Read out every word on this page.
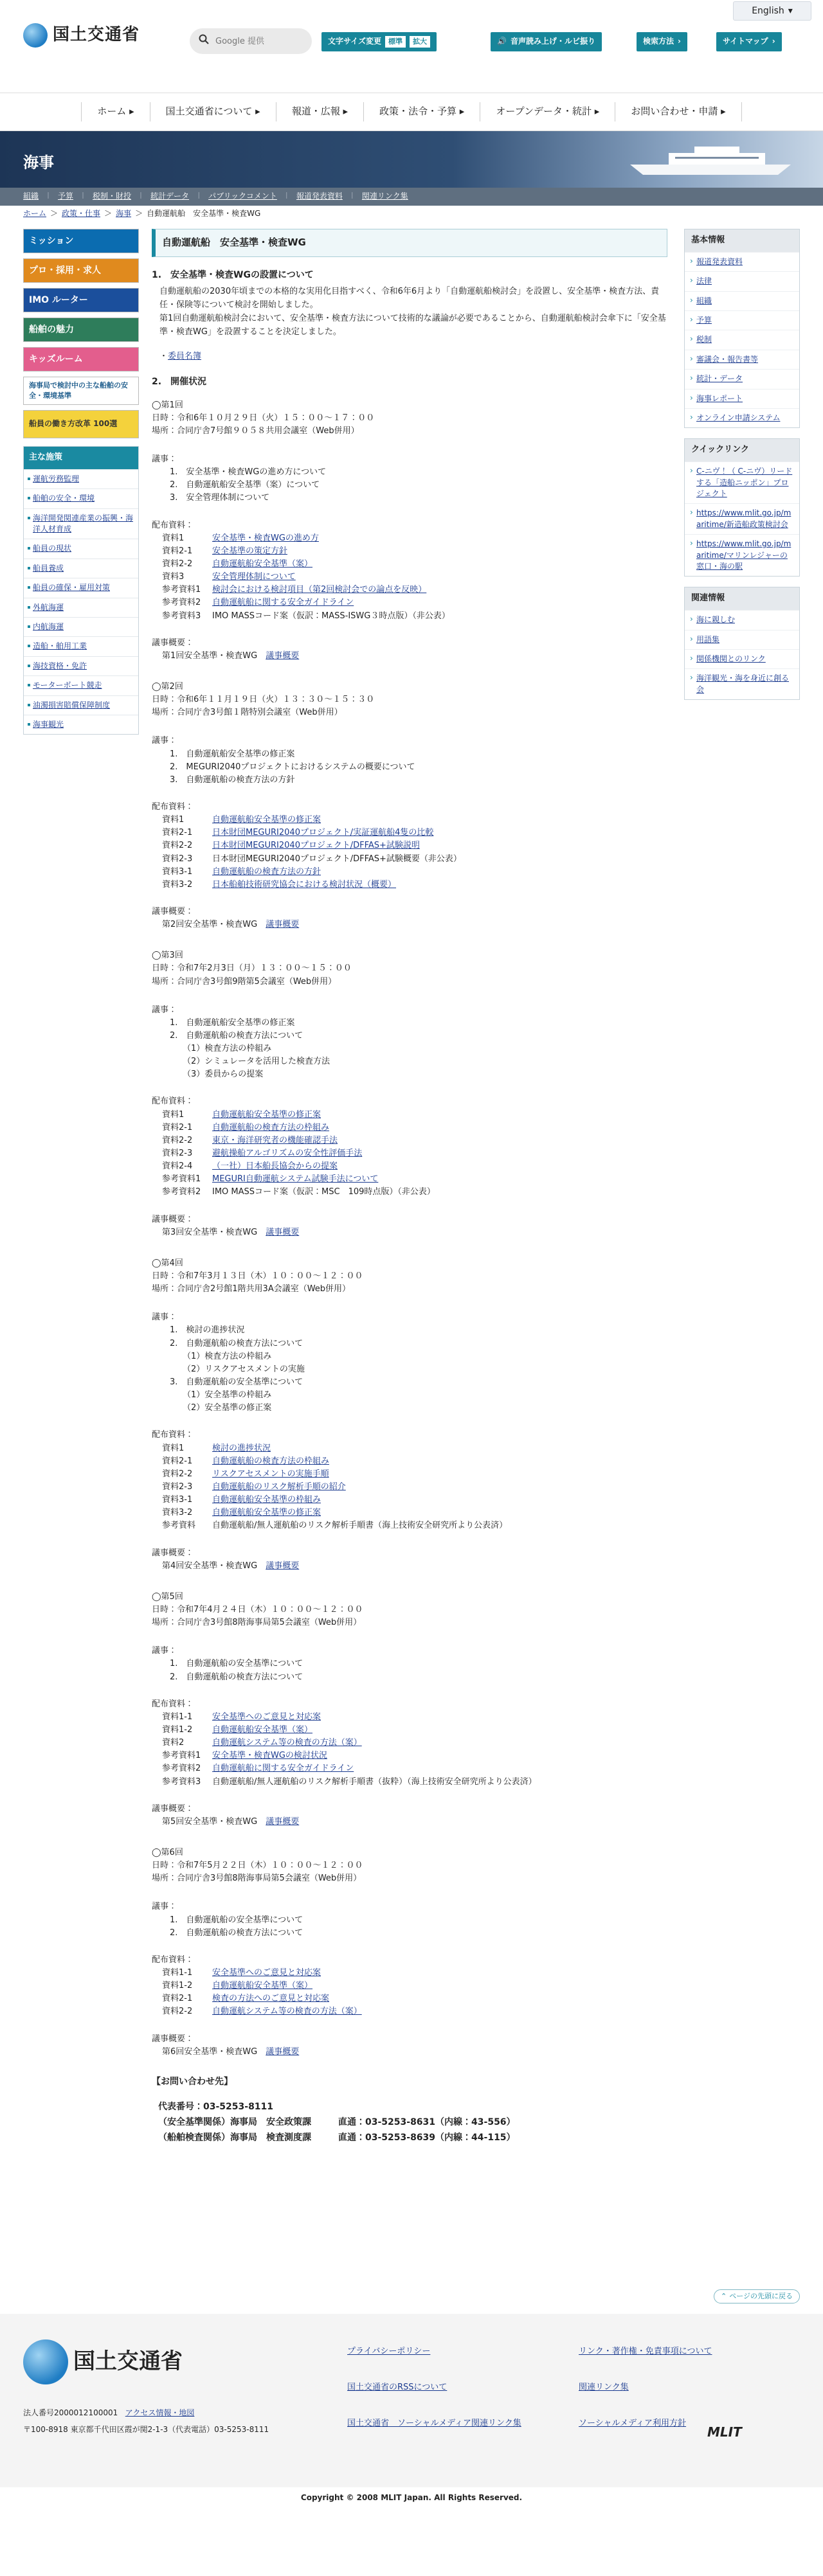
English ▾
国土交通省
Google 提供	文字サイズ変更	標準	拡大	🔊 音声読み上げ・ルビ振り	検索方法 ›	サイトマップ ›
ホーム ▸	国土交通省について ▸	報道・広報 ▸	政策・法令・予算 ▸	オープンデータ・統計 ▸	お問い合わせ・申請 ▸
海事
組織 ｜ 予算 ｜ 税制・財投 ｜ 統計データ ｜ パブリックコメント ｜ 報道発表資料 ｜ 関連リンク集
ホーム ＞ 政策・仕事 ＞ 海事 ＞ 自動運航船　安全基準・検査WG
ミッション
プロ・採用・求人
IMO ルーター
船舶の魅力
キッズルーム
海事局で検討中の主な船舶の安全・環境基準
船員の働き方改革 100選
主な施策
運航労務監理
船舶の安全・環境
海洋開発関連産業の振興・海洋人材育成
船員の現状
船員養成
船員の確保・雇用対策
外航海運
内航海運
造船・舶用工業
海技資格・免許
モーターボート競走
油濁損害賠償保障制度
海事観光
自動運航船　安全基準・検査WG
1.　安全基準・検査WGの設置について

自動運航船の2030年頃までの本格的な実用化目指すべく、令和6年6月より「自動運航船検討会」を設置し、安全基準・検査方法、責任・保険等について検討を開始しました。

第1回自動運航船検討会において、安全基準・検査方法について技術的な議論が必要であることから、自動運航船検討会傘下に「安全基準・検査WG」を設置することを決定しました。

・委員名簿

2.　開催状況
◯第1回
日時：令和6年１０月２９日（火）１５：００～１７：００
場所：合同庁舎7号館９０５８共用会議室（Web併用）
議事：
1.　安全基準・検査WGの進め方について
2.　自動運航船安全基準（案）について
3.　安全管理体制について
配布資料：
資料1	安全基準・検査WGの進め方
資料2-1	安全基準の策定方針
資料2-2	自動運航船安全基準（案）
資料3	安全管理体制について
参考資料1	検討会における検討項目（第2回検討会での論点を反映）
参考資料2	自動運航船に関する安全ガイドライン
参考資料3	IMO MASSコード案（仮訳：MASS-ISWG３時点版）（非公表）
議事概要：
第1回安全基準・検査WG　議事概要
◯第2回
日時：令和6年１１月１９日（火）１３：３０～１５：３０
場所：合同庁舎3号館１階特別会議室（Web併用）
議事：
1.　自動運航船安全基準の修正案
2.　MEGURI2040プロジェクトにおけるシステムの概要について
3.　自動運航船の検査方法の方針
配布資料：
資料1	自動運航船安全基準の修正案
資料2-1	日本財団MEGURI2040プロジェクト/実証運航船4隻の比較
資料2-2	日本財団MEGURI2040プロジェクト/DFFAS+試験説明
資料2-3	日本財団MEGURI2040プロジェクト/DFFAS+試験概要（非公表）
資料3-1	自動運航船の検査方法の方針
資料3-2	日本船舶技術研究協会における検討状況（概要）
議事概要：
第2回安全基準・検査WG　議事概要
◯第3回
日時：令和7年2月3日（月）１３：００～１５：００
場所：合同庁舎3号館9階第5会議室（Web併用）
議事：
1.　自動運航船安全基準の修正案
2.　自動運航船の検査方法について
（1）検査方法の枠組み
（2）シミュレータを活用した検査方法
（3）委員からの提案
配布資料：
資料1	自動運航船安全基準の修正案
資料2-1	自動運航船の検査方法の枠組み
資料2-2	東京・海洋研究者の機能確認手法
資料2-3	避航操船アルゴリズムの安全性評価手法
資料2-4	（一社）日本船長協会からの提案
参考資料1	MEGURI自動運航システム試験手法について
参考資料2	IMO MASSコード案（仮訳：MSC　109時点版）（非公表）
議事概要：
第3回安全基準・検査WG　議事概要
◯第4回
日時：令和7年3月１３日（木）１０：００～１２：００
場所：合同庁舎2号館1階共用3A会議室（Web併用）
議事：
1.　検討の進捗状況
2.　自動運航船の検査方法について
（1）検査方法の枠組み
（2）リスクアセスメントの実施
3.　自動運航船の安全基準について
（1）安全基準の枠組み
（2）安全基準の修正案
配布資料：
資料1	検討の進捗状況
資料2-1	自動運航船の検査方法の枠組み
資料2-2	リスクアセスメントの実施手順
資料2-3	自動運航船のリスク解析手順の紹介
資料3-1	自動運航船安全基準の枠組み
資料3-2	自動運航船安全基準の修正案
参考資料	自動運航船/無人運航船のリスク解析手順書（海上技術安全研究所より公表済）
議事概要：
第4回安全基準・検査WG　議事概要
◯第5回
日時：令和7年4月２４日（木）１０：００～１２：００
場所：合同庁舎3号館8階海事局第5会議室（Web併用）
議事：
1.　自動運航船の安全基準について
2.　自動運航船の検査方法について
配布資料：
資料1-1	安全基準へのご意見と対応案
資料1-2	自動運航船安全基準（案）
資料2	自動運航システム等の検査の方法（案）
参考資料1	安全基準・検査WGの検討状況
参考資料2	自動運航船に関する安全ガイドライン
参考資料3	自動運航船/無人運航船のリスク解析手順書（抜粋）（海上技術安全研究所より公表済）
議事概要：
第5回安全基準・検査WG　議事概要
◯第6回
日時：令和7年5月２２日（木）１０：００～１２：００
場所：合同庁舎3号館8階海事局第5会議室（Web併用）
議事：
1.　自動運航船の安全基準について
2.　自動運航船の検査方法について
配布資料：
資料1-1	安全基準へのご意見と対応案
資料1-2	自動運航船安全基準（案）
資料2-1	検査の方法へのご意見と対応案
資料2-2	自動運航システム等の検査の方法（案）
議事概要：
第6回安全基準・検査WG　議事概要
【お問い合わせ先】
代表番号：03-5253-8111
（安全基準関係）海事局　安全政策課　　　直通：03-5253-8631（内線：43-556）
（船舶検査関係）海事局　検査測度課　　　直通：03-5253-8639（内線：44-115）
基本情報
› 報道発表資料
› 法律
› 組織
› 予算
› 税制
› 審議会・報告書等
› 統計・データ
› 海事レポート
› オンライン申請システム
クイックリンク
› C-ニヴ！（ C-ニヴ）リードする「造船ニッポン」プロジェクト
› https://www.mlit.go.jp/maritime/新造船政策検討会
› https://www.mlit.go.jp/maritime/マリンレジャーの窓口・海の駅
関連情報
› 海に親しむ
› 用語集
› 関係機関とのリンク
› 海洋観光・海を身近に創る会
⌃ ページの先頭に戻る
国土交通省
法人番号2000012100001 アクセス情報・地図
〒100-8918 東京都千代田区霞が関2-1-3（代表電話）03-5253-8111
プライバシーポリシー	リンク・著作権・免責事項について
国土交通省のRSSについて	関連リンク集
国土交通省　ソーシャルメディア関連リンク集	ソーシャルメディア利用方針
MLIT
Copyright © 2008 MLIT Japan. All Rights Reserved.
